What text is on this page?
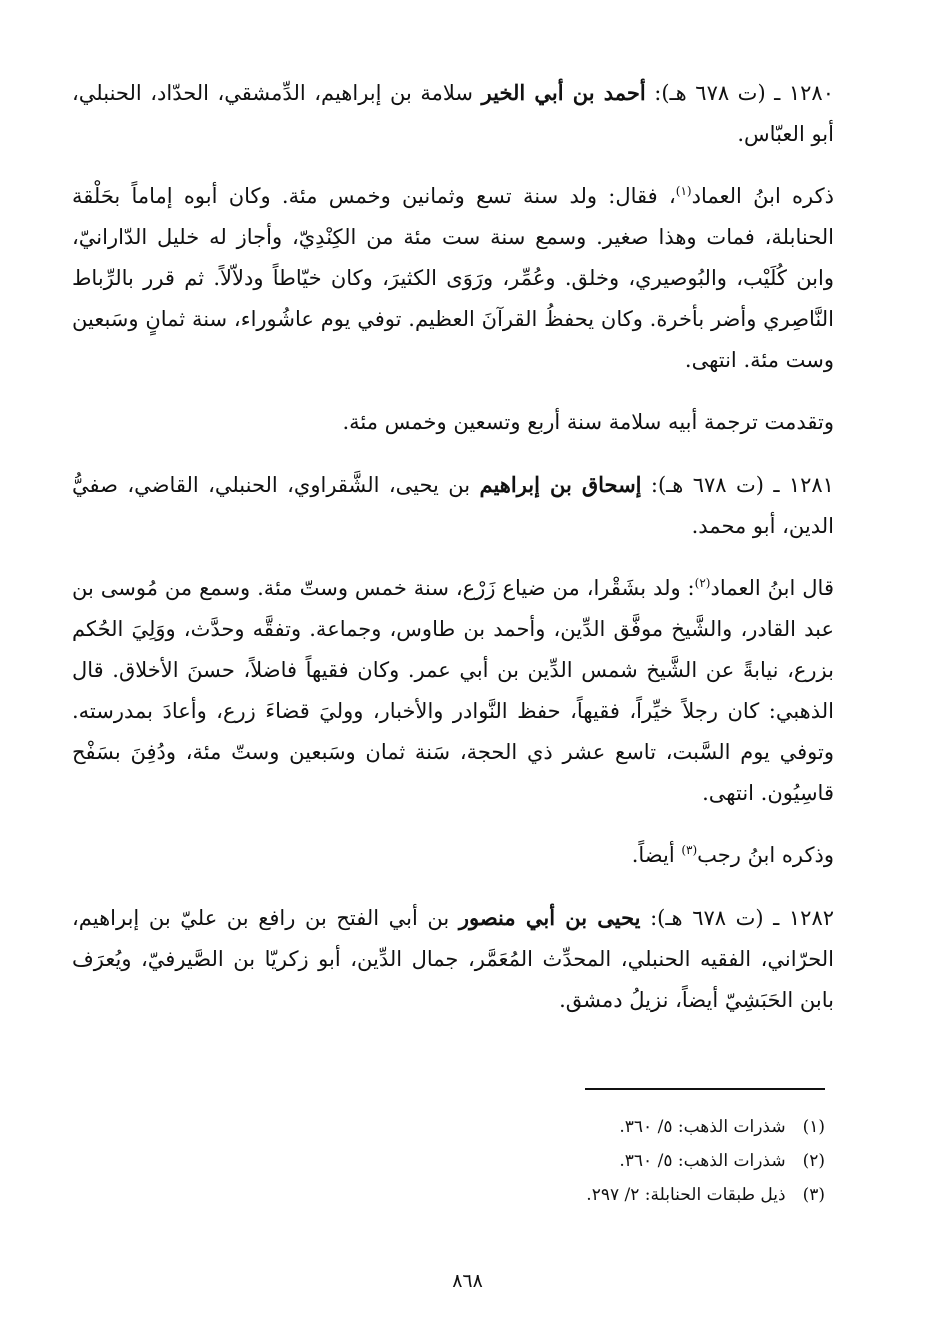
١٢٨٠ ـ (ت ٦٧٨ هـ): أحمد بن أبي الخير سلامة بن إبراهيم، الدِّمشقي، الحدّاد، الحنبلي، أبو العبّاس.

ذكره ابنُ العماد$^{(١)}$، فقال: ولد سنة تسع وثمانين وخمس مئة. وكان أبوه إماماً بحَلْقة الحنابلة، فمات وهذا صغير. وسمع سنة ست مئة من الكِنْدِيّ، وأجاز له خليل الدّارانيّ، وابن كُلَيْب، والبُوصيري، وخلق. وعُمِّر، ورَوَى الكثيرَ، وكان خيّاطاً ودلاّلاً. ثم قرر بالرِّباط النَّاصِري وأضر بأخرة. وكان يحفظُ القرآنَ العظيم. توفي يوم عاشُوراء، سنة ثمانٍ وسَبعين وست مئة. انتهى.

وتقدمت ترجمة أبيه سلامة سنة أربع وتسعين وخمس مئة.

١٢٨١ ـ (ت ٦٧٨ هـ): إسحاق بن إبراهيم بن يحيى، الشَّقراوي، الحنبلي، القاضي، صفيُّ الدين، أبو محمد.

قال ابنُ العماد$^{(٢)}$: ولد بشَقْرا، من ضياع زَرْع، سنة خمس وستّ مئة. وسمع من مُوسى بن عبد القادر، والشَّيخ موفَّق الدِّين، وأحمد بن طاوس، وجماعة. وتفقَّه وحدَّث، ووَلِيَ الحُكم بزرع، نيابةً عن الشَّيخ شمس الدِّين بن أبي عمر. وكان فقيهاً فاضلاً، حسنَ الأخلاق. قال الذهبي: كان رجلاً خيِّراً، فقيهاً، حفظ النَّوادر والأخبار، ووليَ قضاءَ زرع، وأعادَ بمدرسته. وتوفي يوم السَّبت، تاسع عشر ذي الحجة، سَنة ثمان وسَبعين وستّ مئة، ودُفِنَ بسَفْح قاسِيُون. انتهى.

وذكره ابنُ رجب$^{(٣)}$ أيضاً.

١٢٨٢ ـ (ت ٦٧٨ هـ): يحيى بن أبي منصور بن أبي الفتح بن رافع بن عليّ بن إبراهيم، الحرّاني، الفقيه الحنبلي، المحدِّث المُعَمَّر، جمال الدِّين، أبو زكريّا بن الصَّيرفيّ، ويُعرَف بابن الحَبَشِيّ أيضاً، نزيلُ دمشق.

(١) شذرات الذهب: ٥/ ٣٦٠.
(٢) شذرات الذهب: ٥/ ٣٦٠.
(٣) ذيل طبقات الحنابلة: ٢/ ٢٩٧.
٨٦٨
